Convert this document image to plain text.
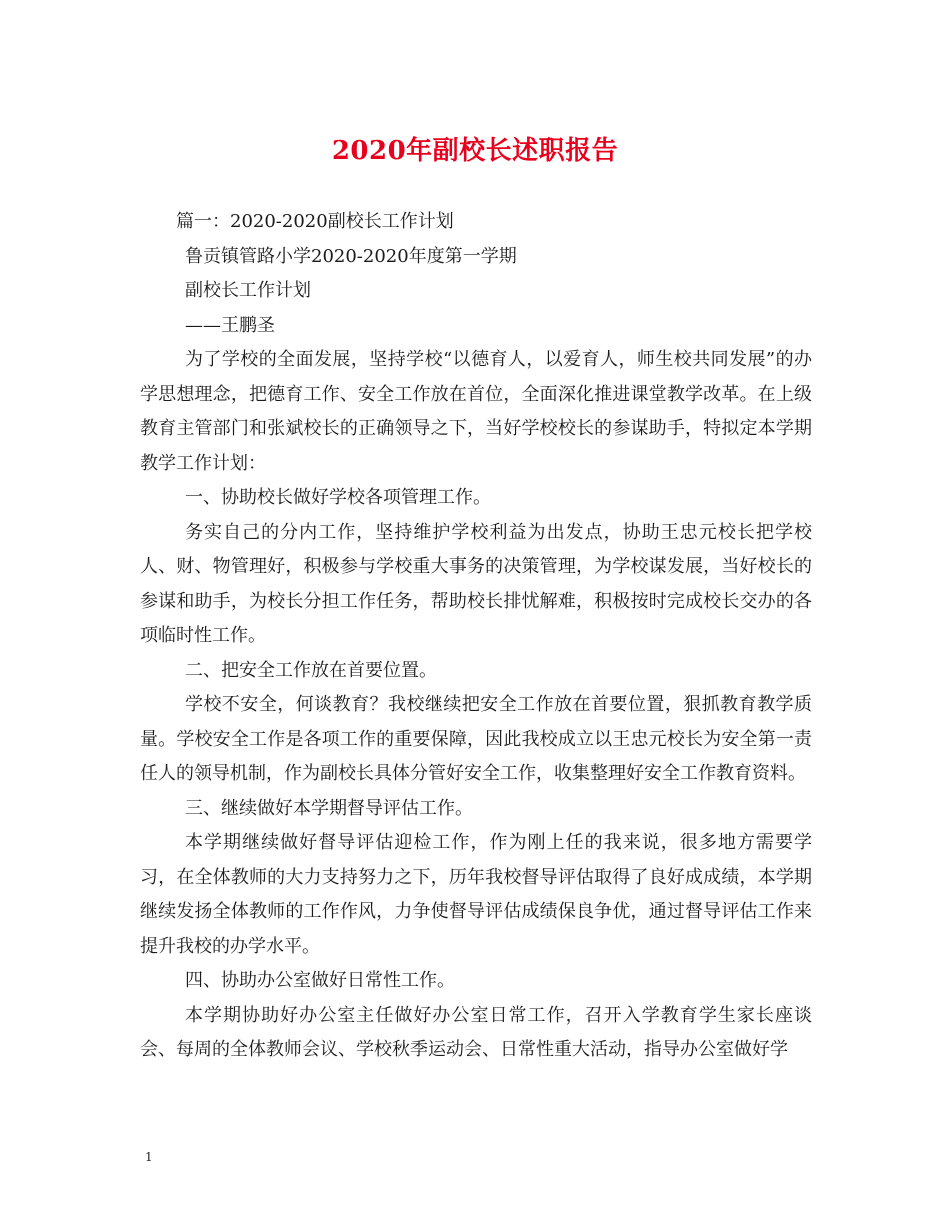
2020年副校长述职报告

篇一：2020-2020副校长工作计划

鲁贡镇管路小学2020-2020年度第一学期

副校长工作计划

——王鹏圣

为了学校的全面发展，坚持学校“以德育人，以爱育人，师生校共同发展”的办学思想理念，把德育工作、安全工作放在首位，全面深化推进课堂教学改革。在上级教育主管部门和张斌校长的正确领导之下，当好学校校长的参谋助手，特拟定本学期教学工作计划：

一、协助校长做好学校各项管理工作。

务实自己的分内工作，坚持维护学校利益为出发点，协助王忠元校长把学校人、财、物管理好，积极参与学校重大事务的决策管理，为学校谋发展，当好校长的参谋和助手，为校长分担工作任务，帮助校长排忧解难，积极按时完成校长交办的各项临时性工作。

二、把安全工作放在首要位置。

学校不安全，何谈教育？我校继续把安全工作放在首要位置，狠抓教育教学质量。学校安全工作是各项工作的重要保障，因此我校成立以王忠元校长为安全第一责任人的领导机制，作为副校长具体分管好安全工作，收集整理好安全工作教育资料。

三、继续做好本学期督导评估工作。

本学期继续做好督导评估迎检工作，作为刚上任的我来说，很多地方需要学习，在全体教师的大力支持努力之下，历年我校督导评估取得了良好成成绩，本学期继续发扬全体教师的工作作风，力争使督导评估成绩保良争优，通过督导评估工作来提升我校的办学水平。

四、协助办公室做好日常性工作。

本学期协助好办公室主任做好办公室日常工作，召开入学教育学生家长座谈会、每周的全体教师会议、学校秋季运动会、日常性重大活动，指导办公室做好学

1
